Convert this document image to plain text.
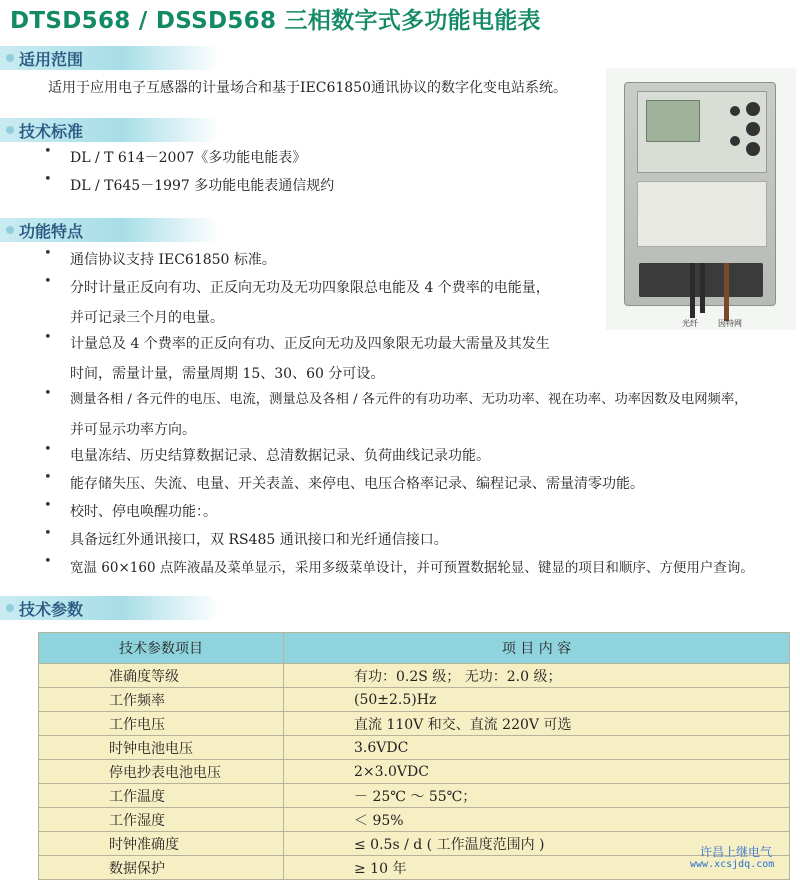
DTSD568 / DSSD568 三相数字式多功能电能表
适用范围
适用于应用电子互感器的计量场合和基于IEC61850通讯协议的数字化变电站系统。
技术标准
DL / T 614－2007《多功能电能表》
DL / T645－1997 多功能电能表通信规约
功能特点
通信协议支持 IEC61850 标准。
分时计量正反向有功、正反向无功及无功四象限总电能及 4 个费率的电能量，
并可记录三个月的电量。
计量总及 4 个费率的正反向有功、正反向无功及四象限无功最大需量及其发生
时间，需量计量，需量周期 15、30、60 分可设。
测量各相 / 各元件的电压、电流，测量总及各相 / 各元件的有功功率、无功功率、视在功率、功率因数及电网频率，
并可显示功率方向。
电量冻结、历史结算数据记录、总清数据记录、负荷曲线记录功能。
能存储失压、失流、电量、开关表盖、来停电、电压合格率记录、编程记录、需量清零功能。
校时、停电唤醒功能：。
具备远红外通讯接口，双 RS485 通讯接口和光纤通信接口。
宽温 60×160 点阵液晶及菜单显示，采用多级菜单设计，并可预置数据轮显、键显的项目和顺序、方便用户查询。
技术参数
技术参数项目	项 目 内 容
准确度等级	有功：0.2S 级； 无功：2.0 级；
工作频率	(50±2.5)Hz
工作电压	直流 110V 和交、直流 220V 可选
时钟电池电压	3.6VDC
停电抄表电池电压	2×3.0VDC
工作温度	－ 25℃ ～ 55℃；
工作湿度	＜ 95%
时钟准确度	≤ 0.5s / d ( 工作温度范围内 )
数据保护	≥ 10 年
光纤	因特网
许昌上继电气
www.xcsjdq.com
